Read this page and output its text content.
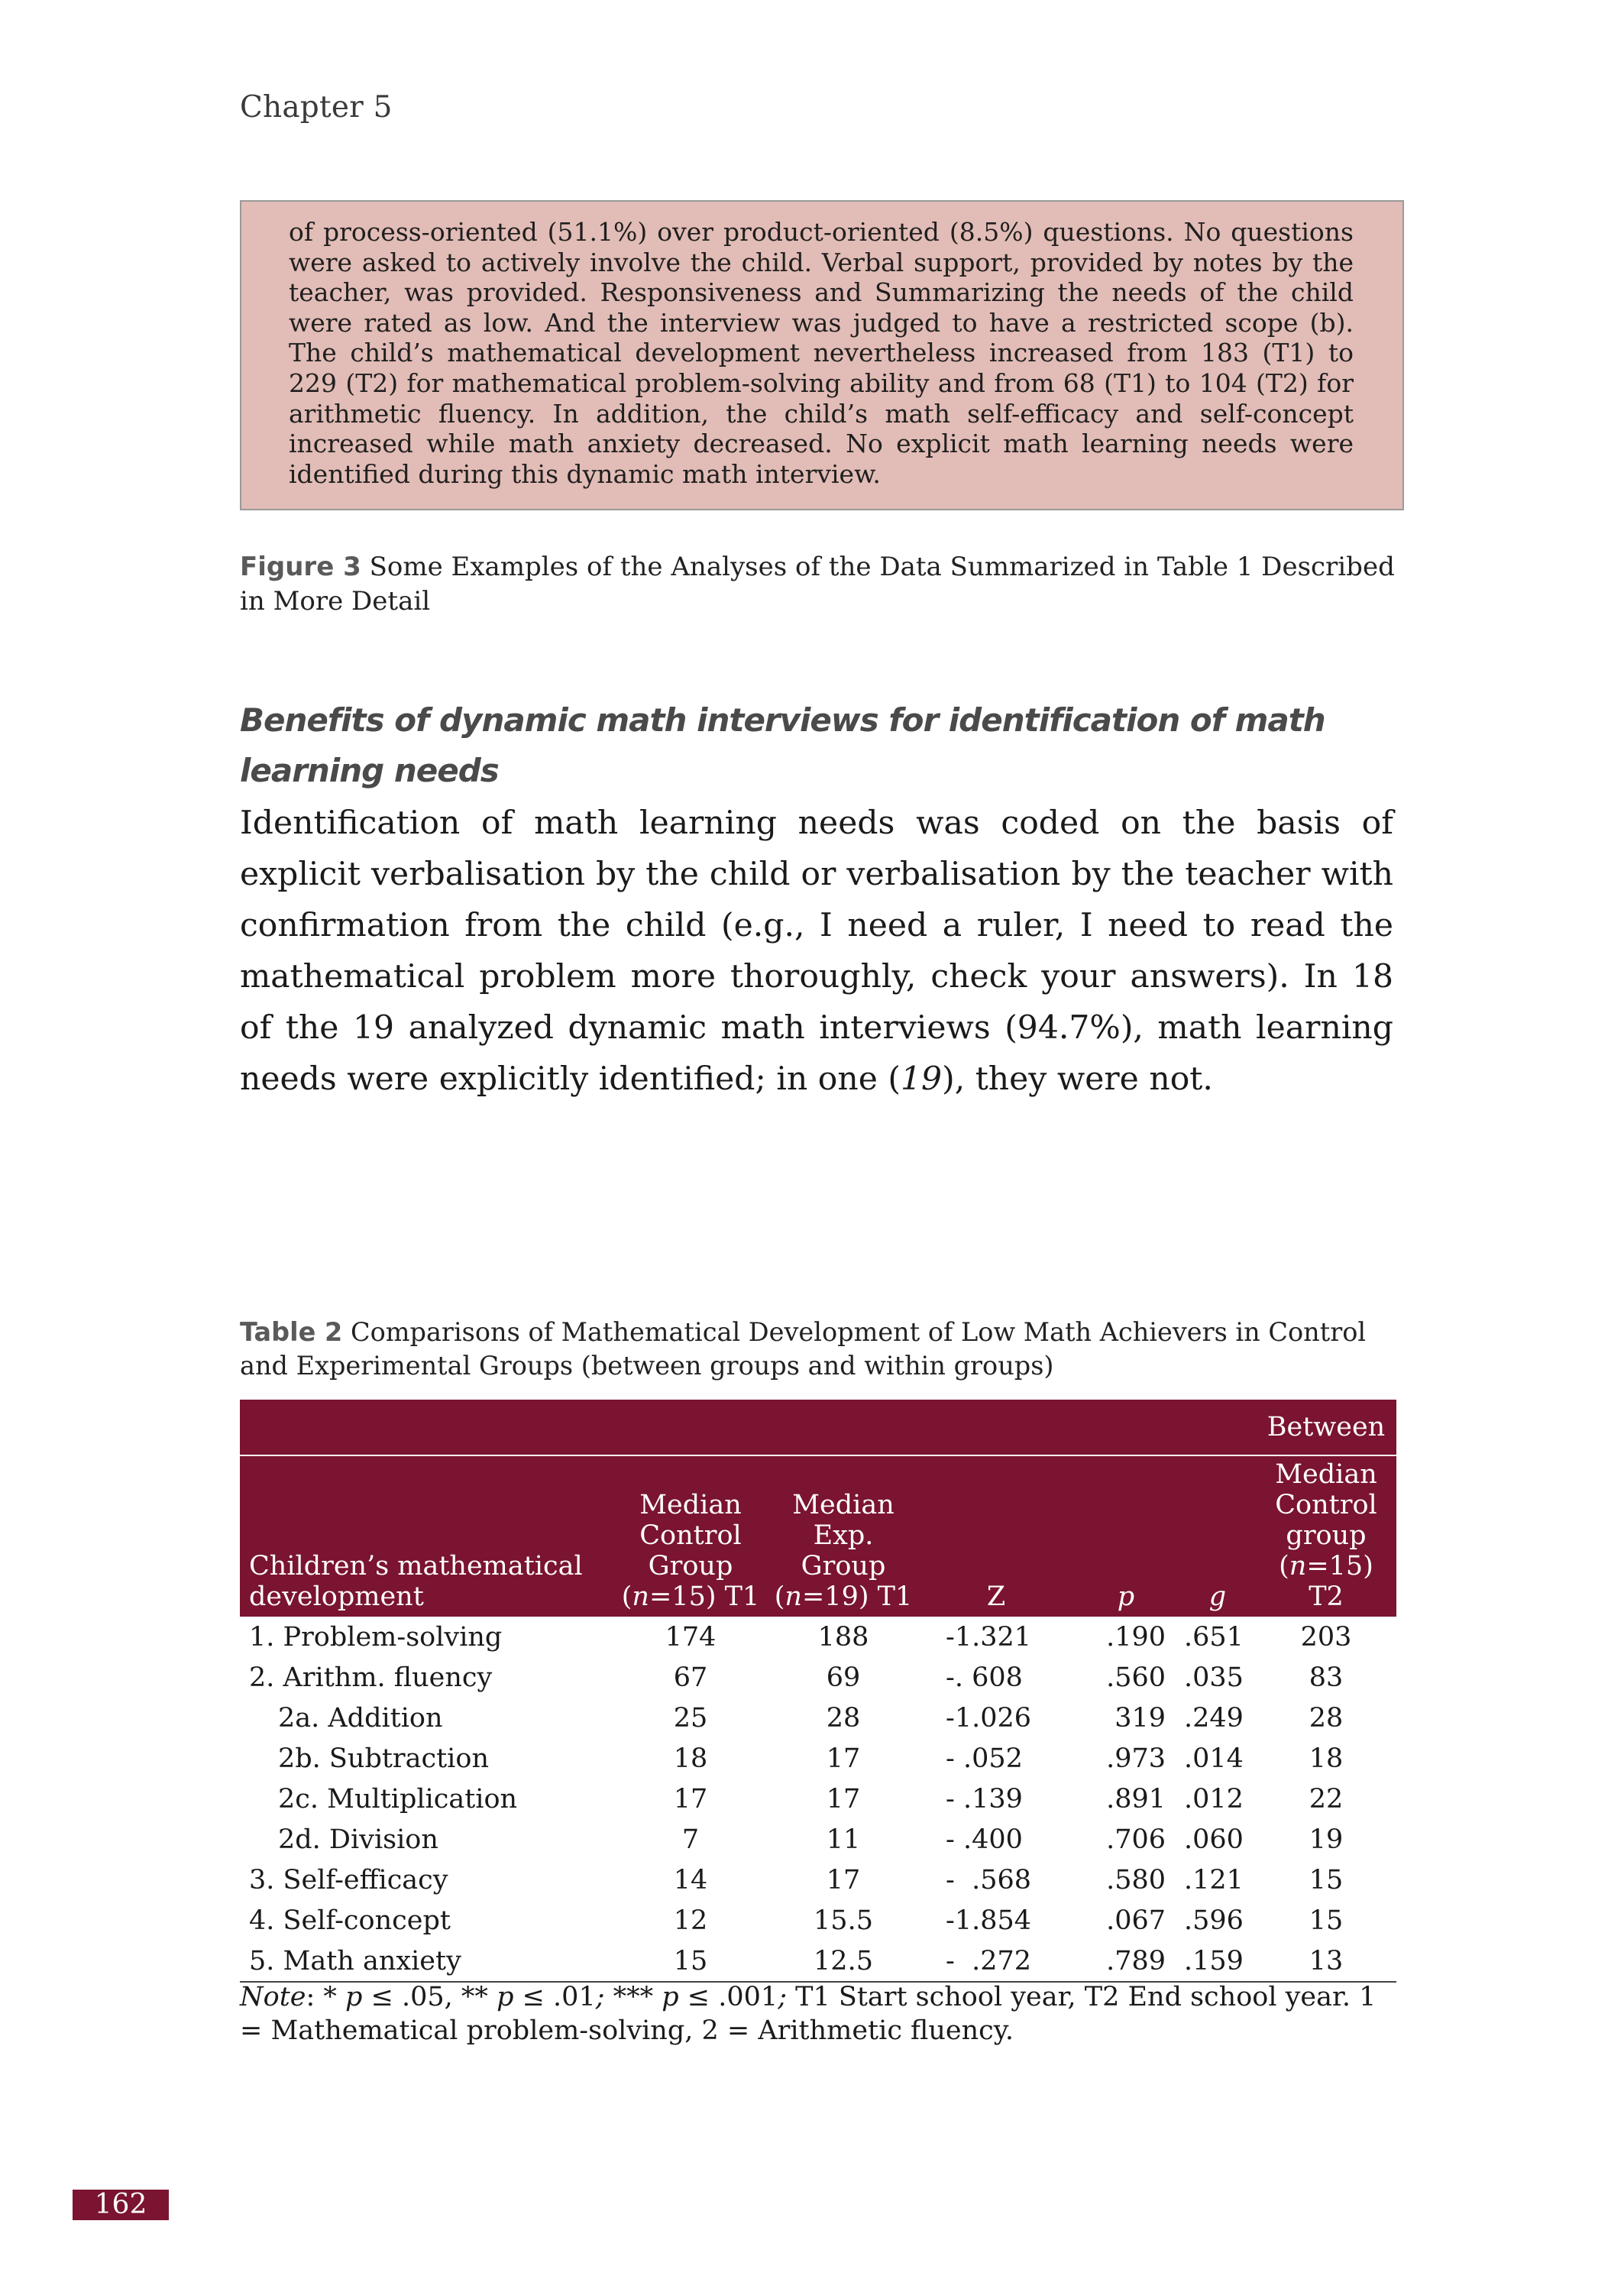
Chapter 5

of process-oriented (51.1%) over product-oriented (8.5%) questions. No questions were asked to actively involve the child. Verbal support, provided by notes by the teacher, was provided. Responsiveness and Summarizing the needs of the child were rated as low. And the interview was judged to have a restricted scope (b). The child’s mathematical development nevertheless increased from 183 (T1) to 229 (T2) for mathematical problem-solving ability and from 68 (T1) to 104 (T2) for arithmetic fluency. In addition, the child’s math self-efficacy and self-concept increased while math anxiety decreased. No explicit math learning needs were identified during this dynamic math interview.

Figure 3 Some Examples of the Analyses of the Data Summarized in Table 1 Described in More Detail
Benefits of dynamic math interviews for identification of math learning needs
Identification of math learning needs was coded on the basis of explicit verbalisation by the child or verbalisation by the teacher with confirmation from the child (e.g., I need a ruler, I need to read the mathematical problem more thoroughly, check your answers). In 18 of the 19 analyzed dynamic math interviews (94.7%), math learning needs were explicitly identified; in one (19), they were not.
Table 2 Comparisons of Mathematical Development of Low Math Achievers in Control and Experimental Groups (between groups and within groups)
						Between
Children’s mathematical
development	Median
Control
Group
(n=15) T1	Median
Exp.
Group
(n=19) T1	Z	p	g	Median
Control
group
(n=15) T2
1. Problem-solving	174	188	-1.321	.190	.651	203
2. Arithm. fluency	67	69	-. 608	.560	.035	83
2a. Addition	25	28	-1.026	319	.249	28
2b. Subtraction	18	17	- .052	.973	.014	18
2c. Multiplication	17	17	- .139	.891	.012	22
2d. Division	7	11	- .400	.706	.060	19
3. Self-efficacy	14	17	-  .568	.580	.121	15
4. Self-concept	12	15.5	-1.854	.067	.596	15
5. Math anxiety	15	12.5	-  .272	.789	.159	13
Note: * p ≤ .05, ** p ≤ .01; *** p ≤ .001; T1 Start school year, T2 End school year. 1 = Mathematical problem-solving, 2 = Arithmetic fluency.
162
